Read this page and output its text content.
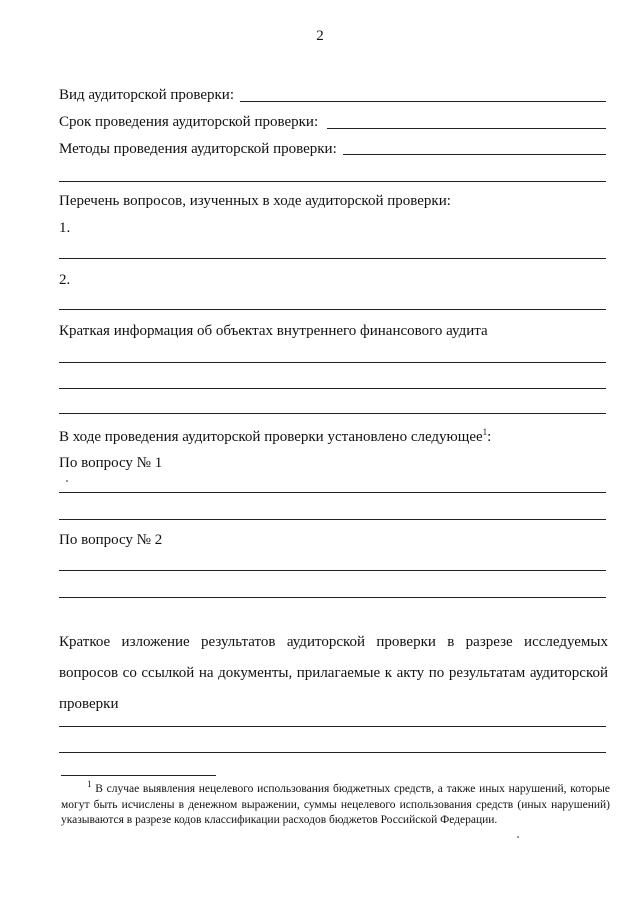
2
Вид аудиторской проверки:
Срок проведения аудиторской проверки:
Методы проведения аудиторской проверки:
Перечень вопросов, изученных в ходе аудиторской проверки:
1.
2.
Краткая информация об объектах внутреннего финансового аудита
В ходе проведения аудиторской проверки установлено следующее$^1$:
По вопросу № 1
По вопросу № 2
Краткое изложение результатов аудиторской проверки в разрезе исследуемых вопросов со ссылкой на документы, прилагаемые к акту по результатам аудиторской проверки
$^1$ В случае выявления нецелевого использования бюджетных средств, а также иных нарушений, которые могут быть исчислены в денежном выражении, суммы нецелевого использования средств (иных нарушений) указываются в разрезе кодов классификации расходов бюджетов Российской Федерации.
